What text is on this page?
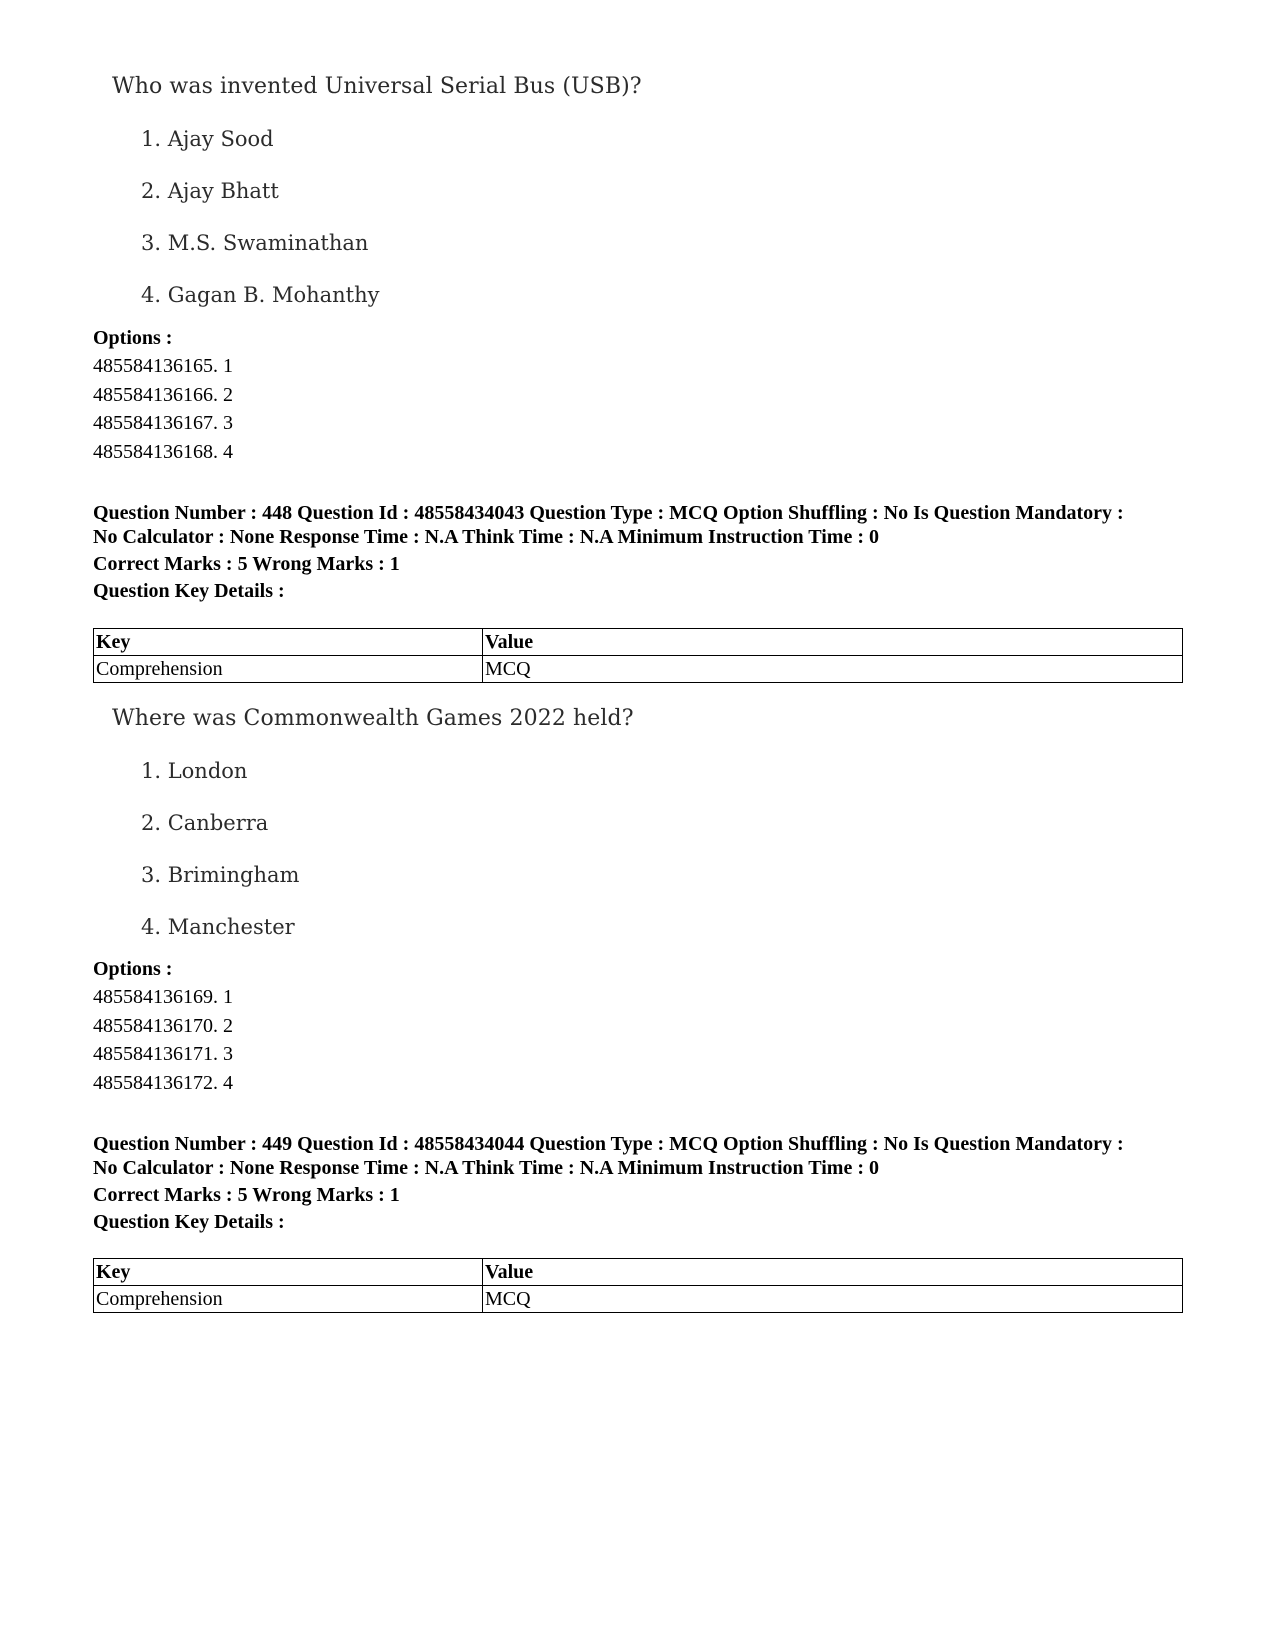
Who was invented Universal Serial Bus (USB)?

1. Ajay Sood
2. Ajay Bhatt
3. M.S. Swaminathan
4. Gagan B. Mohanthy
Options :
485584136165. 1
485584136166. 2
485584136167. 3
485584136168. 4
Question Number : 448 Question Id : 48558434043 Question Type : MCQ Option Shuffling : No Is Question Mandatory :
No Calculator : None Response Time : N.A Think Time : N.A Minimum Instruction Time : 0
Correct Marks : 5 Wrong Marks : 1
Question Key Details :
Key	Value
Comprehension	MCQ

Where was Commonwealth Games 2022 held?

1. London
2. Canberra
3. Brimingham
4. Manchester
Options :
485584136169. 1
485584136170. 2
485584136171. 3
485584136172. 4
Question Number : 449 Question Id : 48558434044 Question Type : MCQ Option Shuffling : No Is Question Mandatory :
No Calculator : None Response Time : N.A Think Time : N.A Minimum Instruction Time : 0
Correct Marks : 5 Wrong Marks : 1
Question Key Details :
Key	Value
Comprehension	MCQ
